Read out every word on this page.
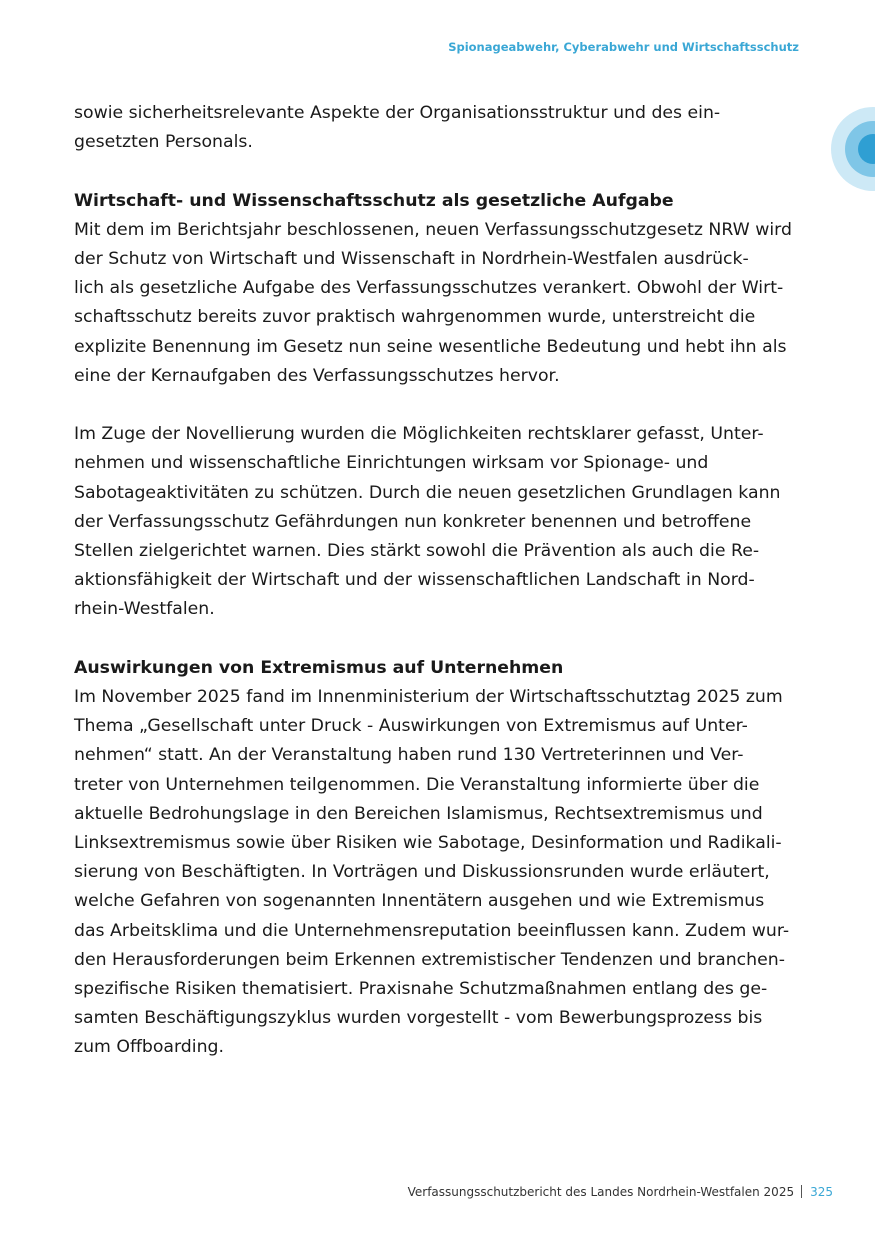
Spionageabwehr, Cyberabwehr und Wirtschaftsschutz

sowie sicherheitsrelevante Aspekte der Organisationsstruktur und des ein-
gesetzten Personals.

Wirtschaft- und Wissenschaftsschutz als gesetzliche Aufgabe

Mit dem im Berichtsjahr beschlossenen, neuen Verfassungsschutzgesetz NRW wird
der Schutz von Wirtschaft und Wissenschaft in Nordrhein-Westfalen ausdrück-
lich als gesetzliche Aufgabe des Verfassungsschutzes verankert. Obwohl der Wirt-
schaftsschutz bereits zuvor praktisch wahrgenommen wurde, unterstreicht die
explizite Benennung im Gesetz nun seine wesentliche Bedeutung und hebt ihn als
eine der Kernaufgaben des Verfassungsschutzes hervor.

Im Zuge der Novellierung wurden die Möglichkeiten rechtsklarer gefasst, Unter-
nehmen und wissenschaftliche Einrichtungen wirksam vor Spionage- und
Sabotageaktivitäten zu schützen. Durch die neuen gesetzlichen Grundlagen kann
der Verfassungsschutz Gefährdungen nun konkreter benennen und betroffene
Stellen zielgerichtet warnen. Dies stärkt sowohl die Prävention als auch die Re-
aktionsfähigkeit der Wirtschaft und der wissenschaftlichen Landschaft in Nord-
rhein-Westfalen.

Auswirkungen von Extremismus auf Unternehmen

Im November 2025 fand im Innenministerium der Wirtschaftsschutztag 2025 zum
Thema „Gesellschaft unter Druck - Auswirkungen von Extremismus auf Unter-
nehmen“ statt. An der Veranstaltung haben rund 130 Vertreterinnen und Ver-
treter von Unternehmen teilgenommen. Die Veranstaltung informierte über die
aktuelle Bedrohungslage in den Bereichen Islamismus, Rechtsextremismus und
Linksextremismus sowie über Risiken wie Sabotage, Desinformation und Radikali-
sierung von Beschäftigten. In Vorträgen und Diskussionsrunden wurde erläutert,
welche Gefahren von sogenannten Innentätern ausgehen und wie Extremismus
das Arbeitsklima und die Unternehmensreputation beeinflussen kann. Zudem wur-
den Herausforderungen beim Erkennen extremistischer Tendenzen und branchen-
spezifische Risiken thematisiert. Praxisnahe Schutzmaßnahmen entlang des ge-
samten Beschäftigungszyklus wurden vorgestellt - vom Bewerbungsprozess bis
zum Offboarding.

Verfassungsschutzbericht des Landes Nordrhein-Westfalen 2025 325
